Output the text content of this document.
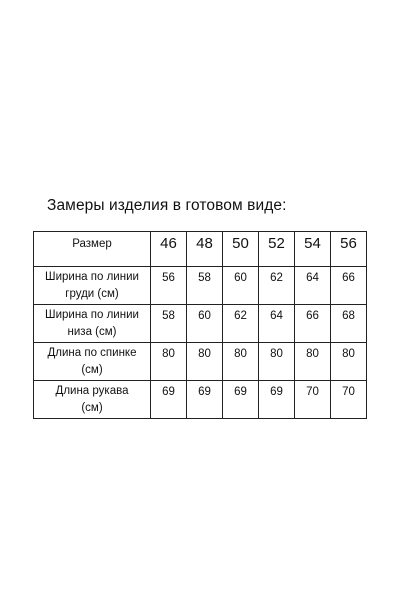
Замеры изделия в готовом виде:
Размер	46	48	50	52	54	56

Ширина по линии
груди (см)	56	58	60	62	64	66

Ширина по линии
низа (см)	58	60	62	64	66	68

Длина по спинке
(см)	80	80	80	80	80	80

Длина рукава
(см)	69	69	69	69	70	70
